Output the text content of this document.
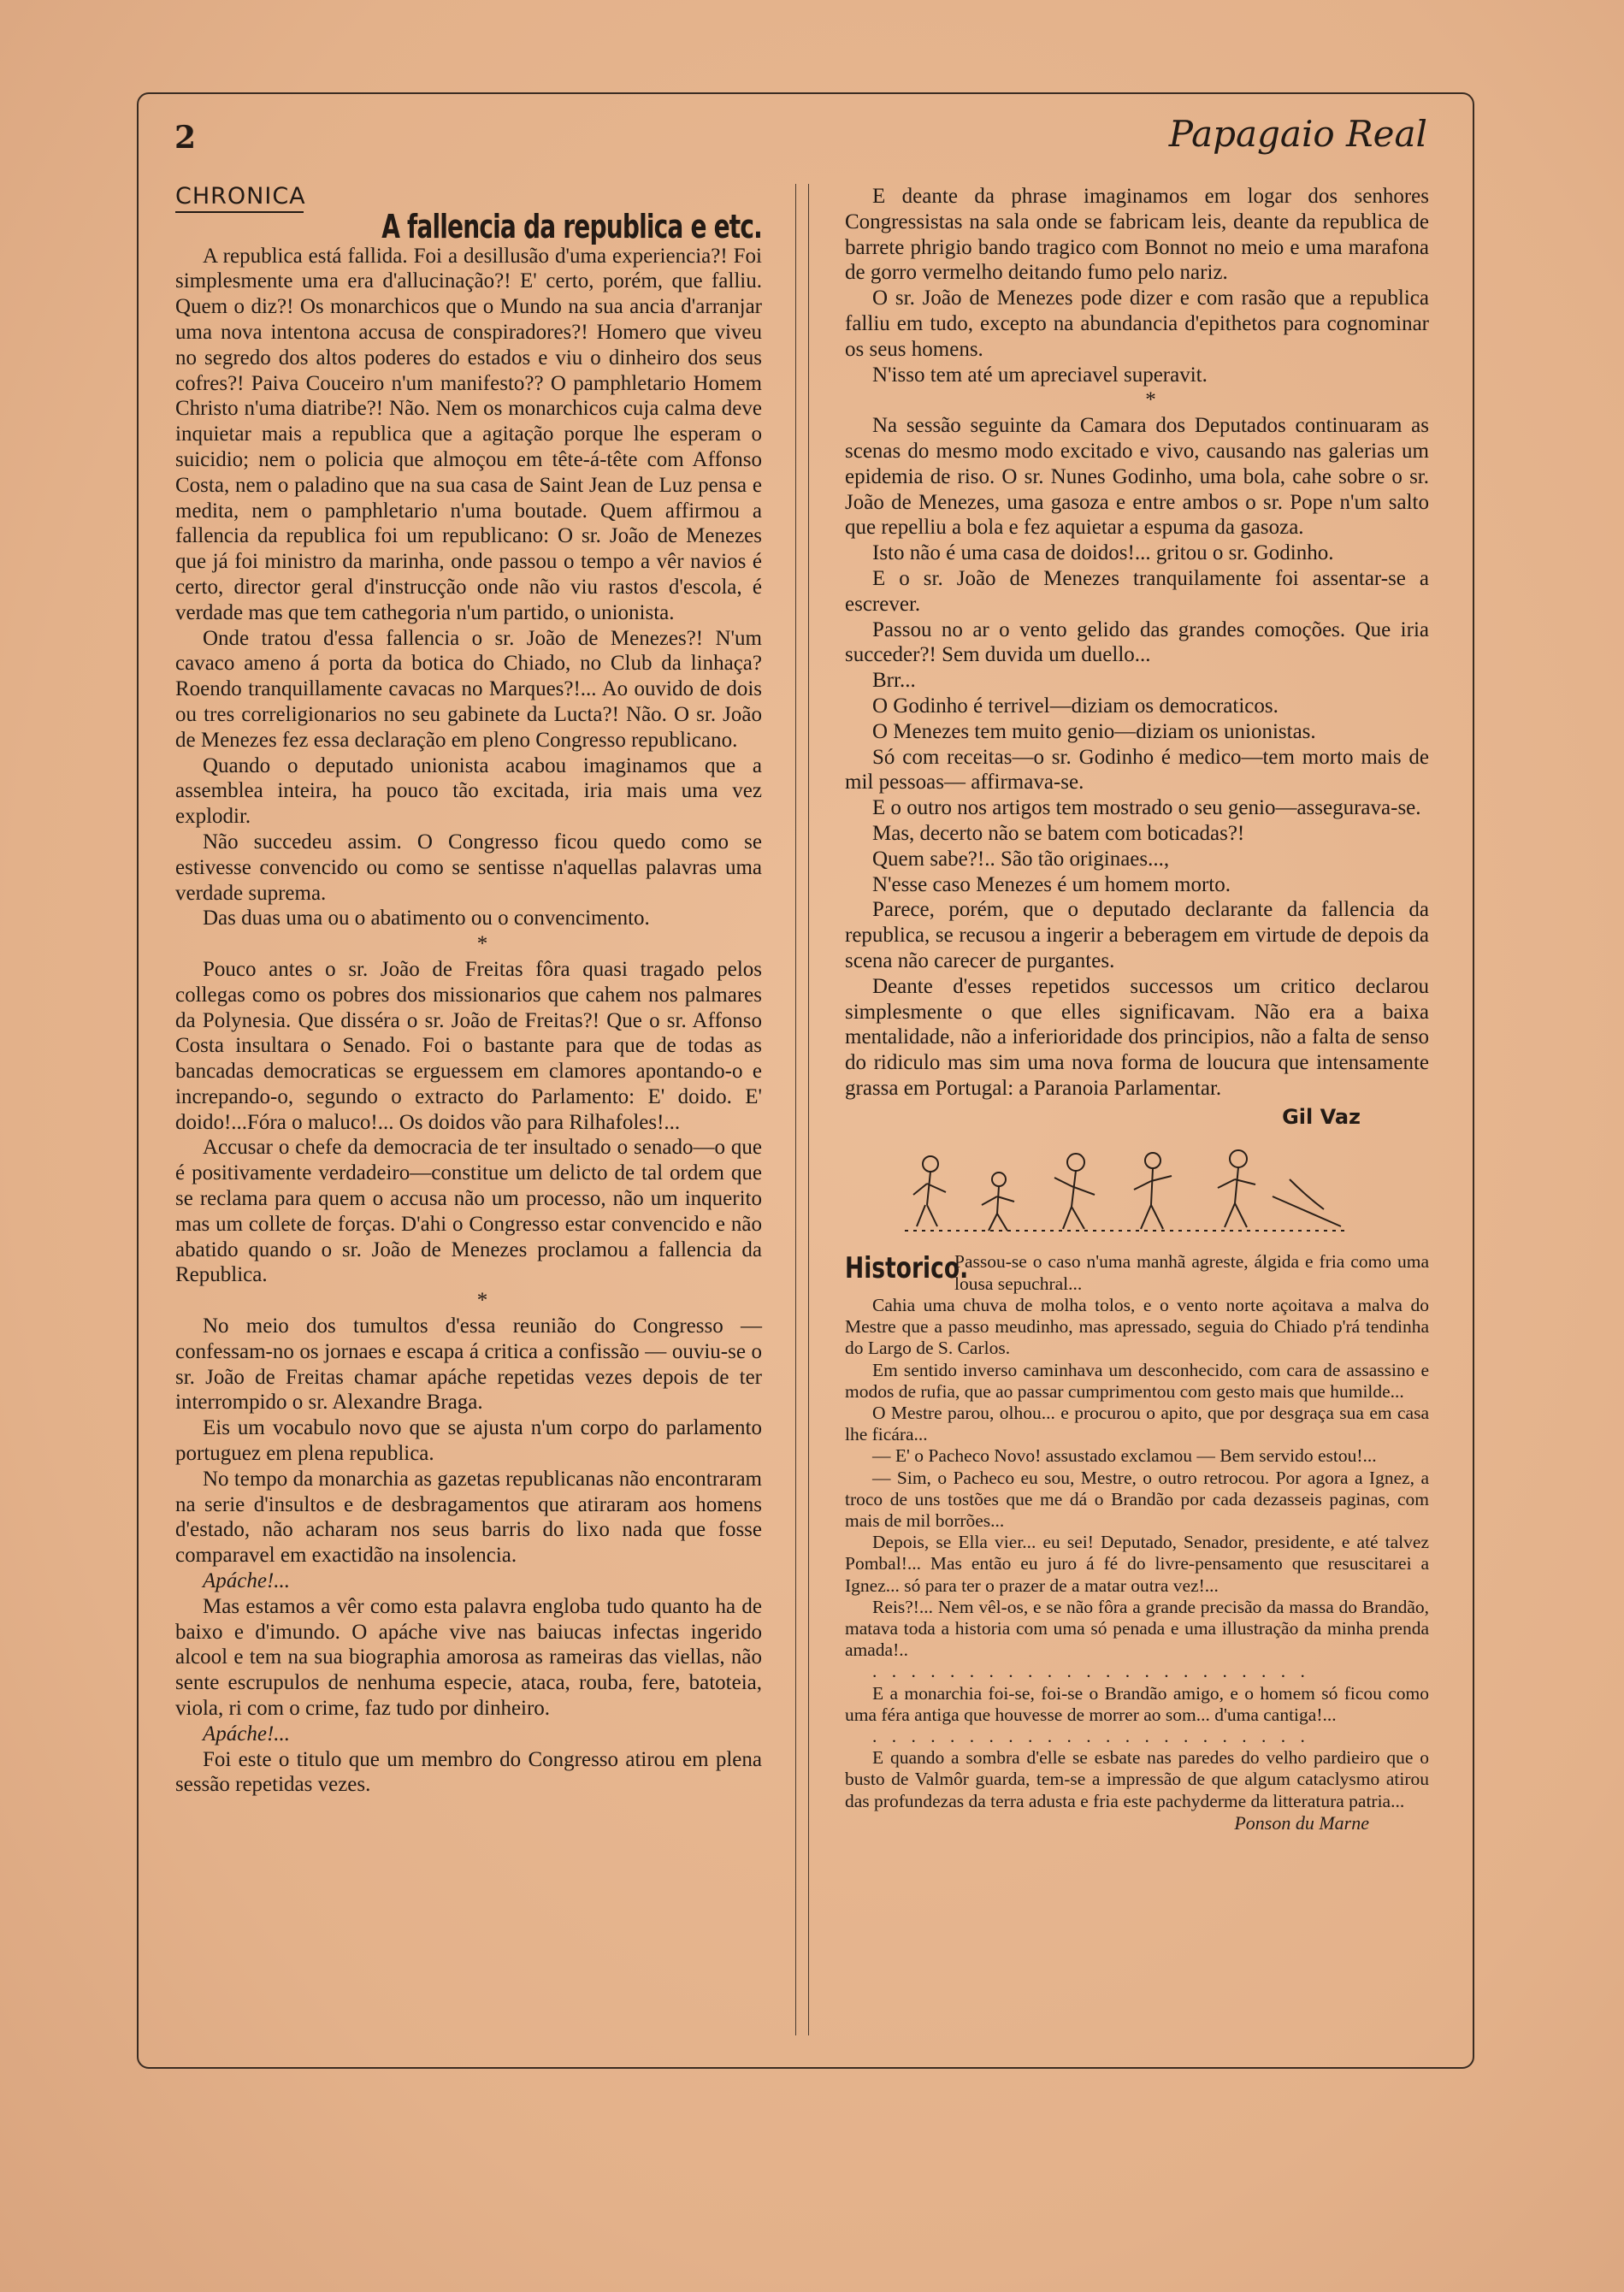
2	Papagaio Real
CHRONICA
A fallencia da republica e etc.

A republica está fallida. Foi a desillusão d'uma experiencia?! Foi simplesmente uma era d'allucinação?! E' certo, porém, que falliu. Quem o diz?! Os monarchicos que o Mundo na sua ancia d'arranjar uma nova intentona accusa de conspiradores?! Homero que viveu no segredo dos altos poderes do estados e viu o dinheiro dos seus cofres?! Paiva Couceiro n'um manifesto?? O pamphletario Homem Christo n'uma diatribe?! Não. Nem os monarchicos cuja calma deve inquietar mais a republica que a agitação porque lhe esperam o suicidio; nem o policia que almoçou em tête-á-tête com Affonso Costa, nem o paladino que na sua casa de Saint Jean de Luz pensa e medita, nem o pamphletario n'uma boutade. Quem affirmou a fallencia da republica foi um republicano: O sr. João de Menezes que já foi ministro da marinha, onde passou o tempo a vêr navios é certo, director geral d'instrucção onde não viu rastos d'escola, é verdade mas que tem cathegoria n'um partido, o unionista.

Onde tratou d'essa fallencia o sr. João de Menezes?! N'um cavaco ameno á porta da botica do Chiado, no Club da linhaça? Roendo tranquillamente cavacas no Marques?!... Ao ouvido de dois ou tres correligionarios no seu gabinete da Lucta?! Não. O sr. João de Menezes fez essa declaração em pleno Congresso republicano.

Quando o deputado unionista acabou imaginamos que a assemblea inteira, ha pouco tão excitada, iria mais uma vez explodir.

Não succedeu assim. O Congresso ficou quedo como se estivesse convencido ou como se sentisse n'aquellas palavras uma verdade suprema.

Das duas uma ou o abatimento ou o convencimento.

*

Pouco antes o sr. João de Freitas fôra quasi tragado pelos collegas como os pobres dos missionarios que cahem nos palmares da Polynesia. Que disséra o sr. João de Freitas?! Que o sr. Affonso Costa insultara o Senado. Foi o bastante para que de todas as bancadas democraticas se erguessem em clamores apontando-o e increpando-o, segundo o extracto do Parlamento: E' doido. E' doido!...Fóra o maluco!... Os doidos vão para Rilhafoles!...

Accusar o chefe da democracia de ter insultado o senado—o que é positivamente verdadeiro—constitue um delicto de tal ordem que se reclama para quem o accusa não um processo, não um inquerito mas um collete de forças. D'ahi o Congresso estar convencido e não abatido quando o sr. João de Menezes proclamou a fallencia da Republica.

*

No meio dos tumultos d'essa reunião do Congresso — confessam-no os jornaes e escapa á critica a confissão — ouviu-se o sr. João de Freitas chamar apáche repetidas vezes depois de ter interrompido o sr. Alexandre Braga.

Eis um vocabulo novo que se ajusta n'um corpo do parlamento portuguez em plena republica.

No tempo da monarchia as gazetas republicanas não encontraram na serie d'insultos e de desbragamentos que atiraram aos homens d'estado, não acharam nos seus barris do lixo nada que fosse comparavel em exactidão na insolencia.

Apáche!...

Mas estamos a vêr como esta palavra engloba tudo quanto ha de baixo e d'imundo. O apáche vive nas baiucas infectas ingerido alcool e tem na sua biographia amorosa as rameiras das viellas, não sente escrupulos de nenhuma especie, ataca, rouba, fere, batoteia, viola, ri com o crime, faz tudo por dinheiro.

Apáche!...

Foi este o titulo que um membro do Congresso atirou em plena sessão repetidas vezes.

E deante da phrase imaginamos em logar dos senhores Congressistas na sala onde se fabricam leis, deante da republica de barrete phrigio bando tragico com Bonnot no meio e uma marafona de gorro vermelho deitando fumo pelo nariz.

O sr. João de Menezes pode dizer e com rasão que a republica falliu em tudo, excepto na abundancia d'epithetos para cognominar os seus homens.

N'isso tem até um apreciavel superavit.

*

Na sessão seguinte da Camara dos Deputados continuaram as scenas do mesmo modo excitado e vivo, causando nas galerias um epidemia de riso. O sr. Nunes Godinho, uma bola, cahe sobre o sr. João de Menezes, uma gasoza e entre ambos o sr. Pope n'um salto que repelliu a bola e fez aquietar a espuma da gasoza.

Isto não é uma casa de doidos!... gritou o sr. Godinho.

E o sr. João de Menezes tranquilamente foi assentar-se a escrever.

Passou no ar o vento gelido das grandes comoções. Que iria succeder?! Sem duvida um duello...

Brr...

O Godinho é terrivel—diziam os democraticos.

O Menezes tem muito genio—diziam os unionistas.

Só com receitas—o sr. Godinho é medico—tem morto mais de mil pessoas— affirmava-se.

E o outro nos artigos tem mostrado o seu genio—assegurava-se.

Mas, decerto não se batem com boticadas?!

Quem sabe?!.. São tão originaes...,

N'esse caso Menezes é um homem morto.

Parece, porém, que o deputado declarante da fallencia da republica, se recusou a ingerir a beberagem em virtude de depois da scena não carecer de purgantes.

Deante d'esses repetidos successos um critico declarou simplesmente o que elles significavam. Não era a baixa mentalidade, não a inferioridade dos principios, não a falta de senso do ridiculo mas sim uma nova forma de loucura que intensamente grassa em Portugal: a Paranoia Parlamentar.

Gil Vaz
Historico.

Passou-se o caso n'uma manhã agreste, álgida e fria como uma lousa sepuchral...

Cahia uma chuva de molha tolos, e o vento norte açoitava a malva do Mestre que a passo meudinho, mas apressado, seguia do Chiado p'rá tendinha do Largo de S. Carlos.

Em sentido inverso caminhava um desconhecido, com cara de assassino e modos de rufia, que ao passar cumprimentou com gesto mais que humilde...

O Mestre parou, olhou... e procurou o apito, que por desgraça sua em casa lhe ficára...

— E' o Pacheco Novo! assustado exclamou — Bem servido estou!...

— Sim, o Pacheco eu sou, Mestre, o outro retrocou. Por agora a Ignez, a troco de uns tostões que me dá o Brandão por cada dezasseis paginas, com mais de mil borrões...

Depois, se Ella vier... eu sei! Deputado, Senador, presidente, e até talvez Pombal!... Mas então eu juro á fé do livre-pensamento que resuscitarei a Ignez... só para ter o prazer de a matar outra vez!...

Reis?!... Nem vêl-os, e se não fôra a grande precisão da massa do Brandão, matava toda a historia com uma só penada e uma illustração da minha prenda amada!..

. . . . . . . . . . . . . . . . . . . . . . .

E a monarchia foi-se, foi-se o Brandão amigo, e o homem só ficou como uma féra antiga que houvesse de morrer ao som... d'uma cantiga!...

. . . . . . . . . . . . . . . . . . . . . . .

E quando a sombra d'elle se esbate nas paredes do velho pardieiro que o busto de Valmôr guarda, tem-se a impressão de que algum cataclysmo atirou das profundezas da terra adusta e fria este pachyderme da litteratura patria...

Ponson du Marne
